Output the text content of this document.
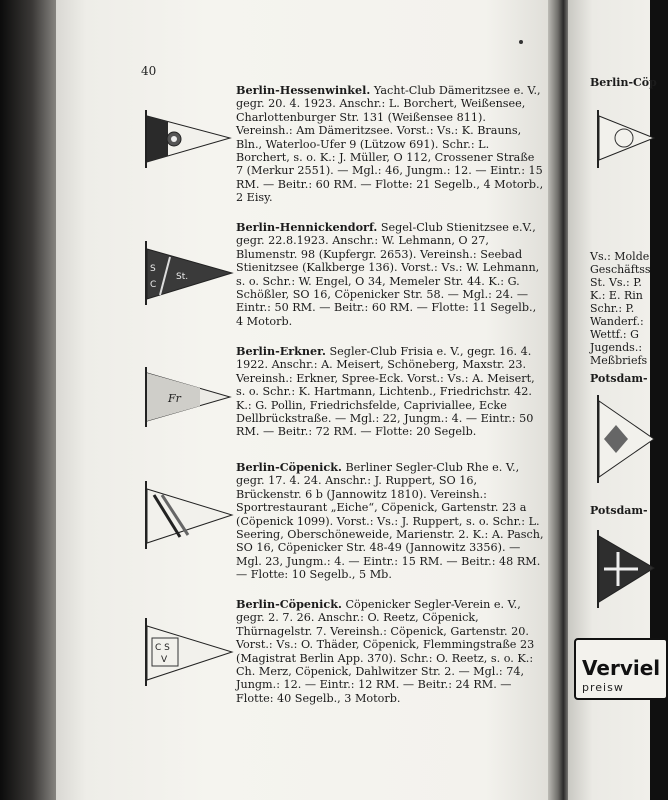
40

Berlin-Hessenwinkel. Yacht-Club Dämeritzsee e. V., gegr. 20. 4. 1923. Anschr.: L. Borchert, Weißensee, Charlottenburger Str. 131 (Weißensee 811). Vereinsh.: Am Dämeritzsee. Vorst.: Vs.: K. Brauns, Bln., Waterloo-Ufer 9 (Lützow 691). Schr.: L. Borchert, s. o. K.: J. Müller, O 112, Crossener Straße 7 (Merkur 2551). — Mgl.: 46, Jungm.: 12. — Eintr.: 15 RM. — Beitr.: 60 RM. — Flotte: 21 Segelb., 4 Motorb., 2 Eisy.

S
C
St.

Berlin-Hennickendorf. Segel-Club Stienitzsee e.V., gegr. 22.8.1923. Anschr.: W. Lehmann, O 27, Blumenstr. 98 (Kupfergr. 2653). Vereinsh.: Seebad Stienitzsee (Kalkberge 136). Vorst.: Vs.: W. Lehmann, s. o. Schr.: W. Engel, O 34, Memeler Str. 44. K.: G. Schößler, SO 16, Cöpenicker Str. 58. — Mgl.: 24. — Eintr.: 50 RM. — Beitr.: 60 RM. — Flotte: 11 Segelb., 4 Motorb.

Fr

Berlin-Erkner. Segler-Club Frisia e. V., gegr. 16. 4. 1922. Anschr.: A. Meisert, Schöneberg, Maxstr. 23. Vereinsh.: Erkner, Spree-Eck. Vorst.: Vs.: A. Meisert, s. o. Schr.: K. Hartmann, Lichtenb., Friedrichstr. 42. K.: G. Pollin, Friedrichsfelde, Capriviallee, Ecke Dellbrückstraße. — Mgl.: 22, Jungm.: 4. — Eintr.: 50 RM. — Beitr.: 72 RM. — Flotte: 20 Segelb.

Berlin-Cöpenick. Berliner Segler-Club Rhe e. V., gegr. 17. 4. 24. Anschr.: J. Ruppert, SO 16, Brückenstr. 6 b (Jannowitz 1810). Vereinsh.: Sportrestaurant „Eiche“, Cöpenick, Gartenstr. 23 a (Cöpenick 1099). Vorst.: Vs.: J. Ruppert, s. o. Schr.: L. Seering, Oberschöneweide, Marienstr. 2. K.: A. Pasch, SO 16, Cöpenicker Str. 48-49 (Jannowitz 3356). — Mgl. 23, Jungm.: 4. — Eintr.: 15 RM. — Beitr.: 48 RM. — Flotte: 10 Segelb., 5 Mb.

C S
V

Berlin-Cöpenick. Cöpenicker Segler-Verein e. V., gegr. 2. 7. 26. Anschr.: O. Reetz, Cöpenick, Thürnagelstr. 7. Vereinsh.: Cöpenick, Gartenstr. 20. Vorst.: Vs.: O. Thäder, Cöpenick, Flemmingstraße 23 (Magistrat Berlin App. 370). Schr.: O. Reetz, s. o. K.: Ch. Merz, Cöpenick, Dahlwitzer Str. 2. — Mgl.: 74, Jungm.: 12. — Eintr.: 12 RM. — Beitr.: 24 RM. — Flotte: 40 Segelb., 3 Motorb.

Berlin-Cöp
Vs.: Molde
Geschäftss
St. Vs.: P.
K.: E. Rin
Schr.: P.
Wanderf.:
Wettf.: G
Jugends.:
Meßbriefs
Potsdam-
Potsdam-
Verviel
preisw
